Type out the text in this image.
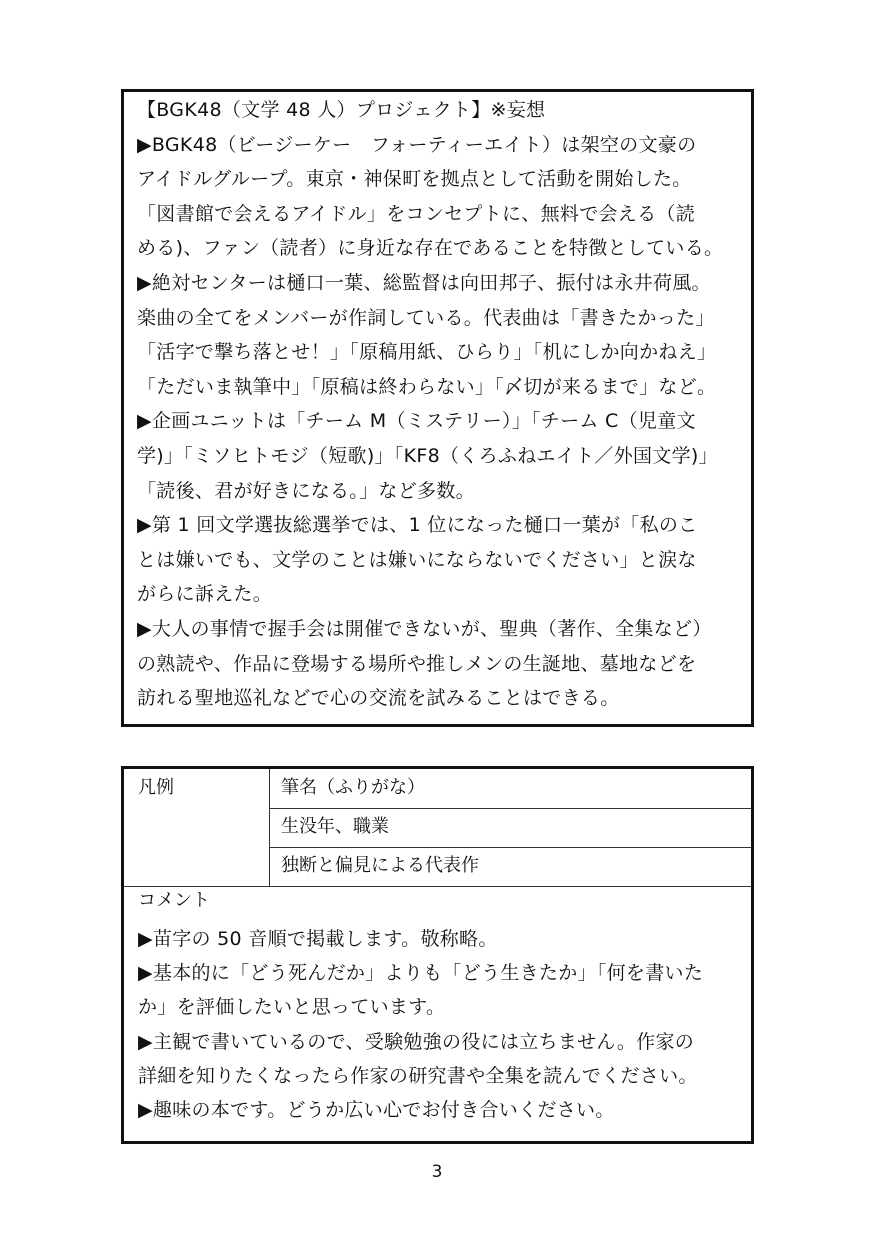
【BGK48（文学 48 人）プロジェクト】※妄想
▶BGK48（ビージーケー　フォーティーエイト）は架空の文豪の
アイドルグループ。東京・神保町を拠点として活動を開始した。
「図書館で会えるアイドル」をコンセプトに、無料で会える（読
める)、ファン（読者）に身近な存在であることを特徴としている。
▶絶対センターは樋口一葉、総監督は向田邦子、振付は永井荷風。
楽曲の全てをメンバーが作詞している。代表曲は「書きたかった」
「活字で撃ち落とせ！」「原稿用紙、ひらり」「机にしか向かねえ」
「ただいま執筆中」「原稿は終わらない」「〆切が来るまで」など。
▶企画ユニットは「チーム M（ミステリー）」「チーム C（児童文
学)」「ミソヒトモジ（短歌)」「KF8（くろふねエイト／外国文学)」
「読後、君が好きになる。」など多数。
▶第 1 回文学選抜総選挙では、1 位になった樋口一葉が「私のこ
とは嫌いでも、文学のことは嫌いにならないでください」と涙な
がらに訴えた。
▶大人の事情で握手会は開催できないが、聖典（著作、全集など）
の熟読や、作品に登場する場所や推しメンの生誕地、墓地などを
訪れる聖地巡礼などで心の交流を試みることはできる。
凡例	筆名（ふりがな）
生没年、職業
独断と偏見による代表作
コメント
▶苗字の 50 音順で掲載します。敬称略。
▶基本的に「どう死んだか」よりも「どう生きたか」「何を書いた
か」を評価したいと思っています。
▶主観で書いているので、受験勉強の役には立ちません。作家の
詳細を知りたくなったら作家の研究書や全集を読んでください。
▶趣味の本です。どうか広い心でお付き合いください。
3
